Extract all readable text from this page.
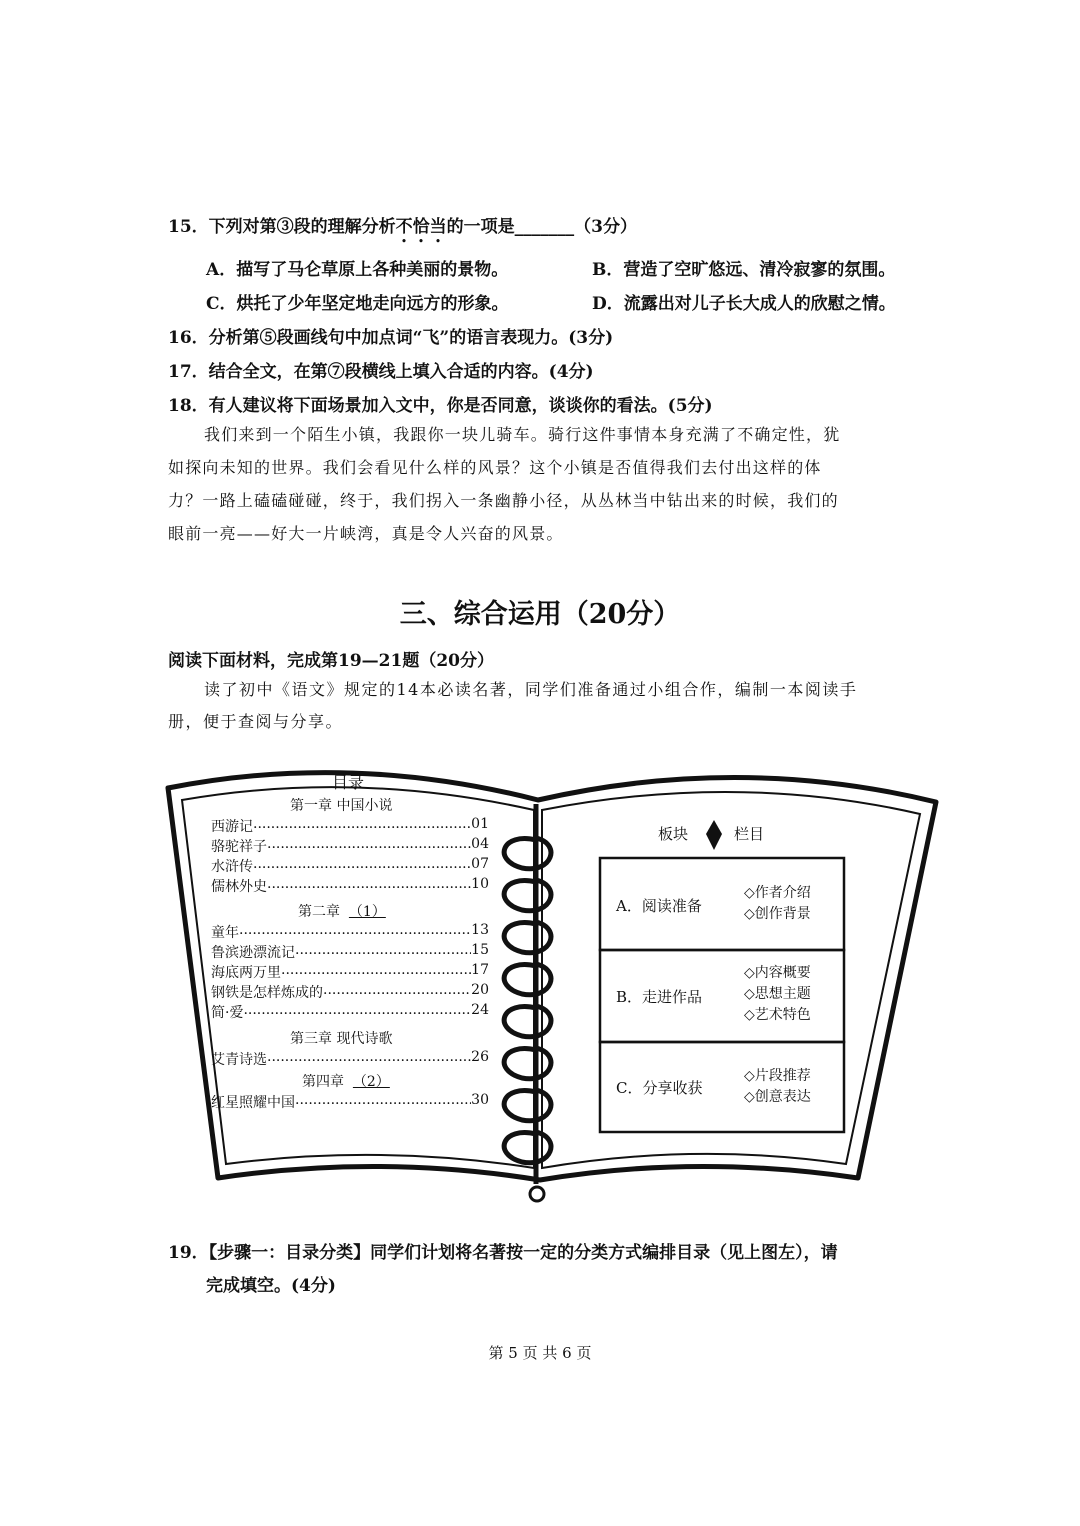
15．下列对第③段的理解分析不恰当的一项是_______（3分）
A．描写了马仑草原上各种美丽的景物。	B．营造了空旷悠远、清冷寂寥的氛围。
C．烘托了少年坚定地走向远方的形象。	D．流露出对儿子长大成人的欣慰之情。
16．分析第⑤段画线句中加点词“飞”的语言表现力。(3分)
17．结合全文，在第⑦段横线上填入合适的内容。(4分)
18．有人建议将下面场景加入文中，你是否同意，谈谈你的看法。(5分)
我们来到一个陌生小镇，我跟你一块儿骑车。骑行这件事情本身充满了不确定性，犹
如探向未知的世界。我们会看见什么样的风景？这个小镇是否值得我们去付出这样的体
力？一路上磕磕碰碰，终于，我们拐入一条幽静小径，从丛林当中钻出来的时候，我们的
眼前一亮——好大一片峡湾，真是令人兴奋的风景。
三、综合运用（20分）
阅读下面材料，完成第19—21题（20分）
读了初中《语文》规定的14本必读名著，同学们准备通过小组合作，编制一本阅读手
册，便于查阅与分享。
目录
第一章 中国小说
西游记 .....	01
骆驼祥子 .....	04
水浒传 .....	07
儒林外史 .....	10
第二章 （1）
童年 .....	13
鲁滨逊漂流记 .....	15
海底两万里 .....	17
钢铁是怎样炼成的 .....	20
简·爱 .....	24
第三章 现代诗歌
艾青诗选 .....	26
第四章 （2）
红星照耀中国 .....	30
板块	栏目
A．阅读准备
◇作者介绍
◇创作背景
B．走进作品
◇内容概要
◇思想主题
◇艺术特色
C．分享收获
◇片段推荐
◇创意表达
19．【步骤一：目录分类】同学们计划将名著按一定的分类方式编排目录（见上图左），请
完成填空。(4分)
第 5 页 共 6 页
